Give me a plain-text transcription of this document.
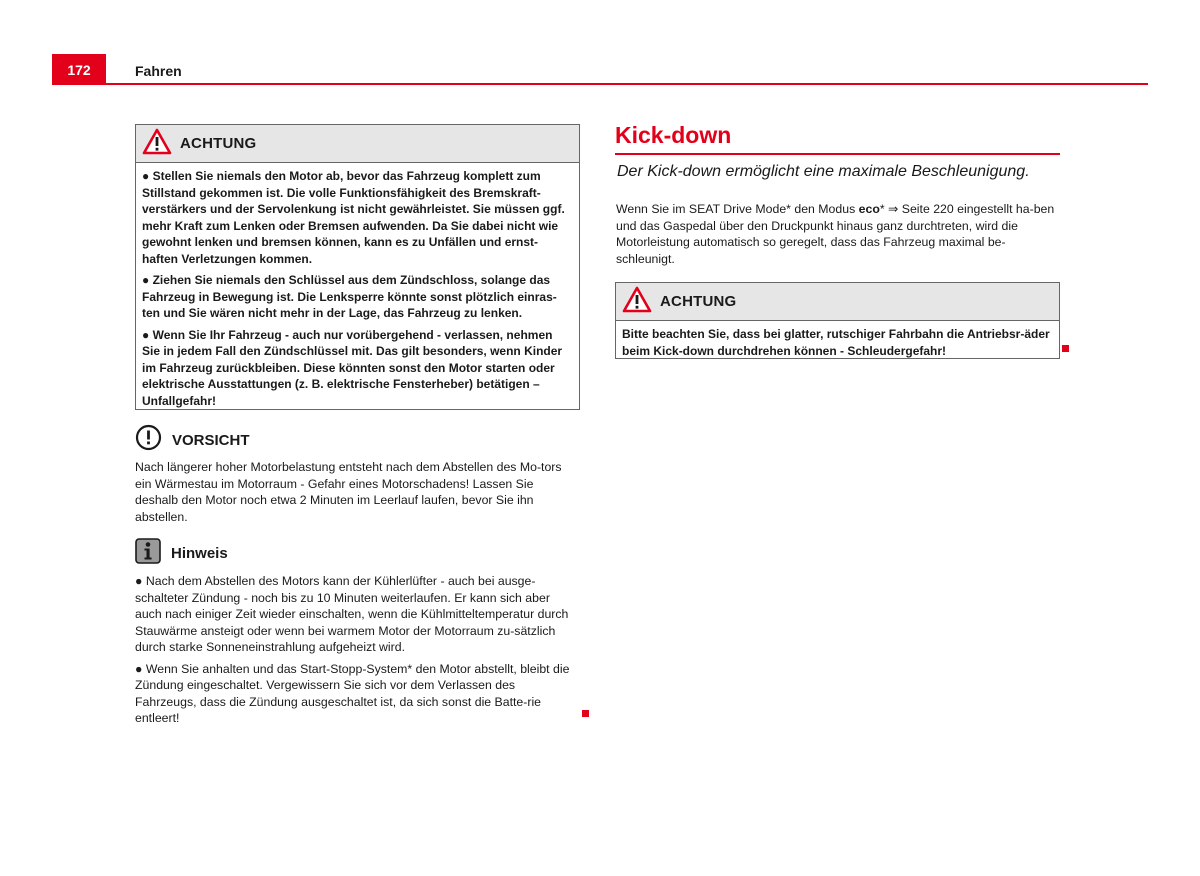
172	Fahren
ACHTUNG

● Stellen Sie niemals den Motor ab, bevor das Fahrzeug komplett zum Stillstand gekommen ist. Die volle Funktionsfähigkeit des Bremskraft-verstärkers und der Servolenkung ist nicht gewährleistet. Sie müssen ggf. mehr Kraft zum Lenken oder Bremsen aufwenden. Da Sie dabei nicht wie gewohnt lenken und bremsen können, kann es zu Unfällen und ernst-haften Verletzungen kommen.

● Ziehen Sie niemals den Schlüssel aus dem Zündschloss, solange das Fahrzeug in Bewegung ist. Die Lenksperre könnte sonst plötzlich einras-ten und Sie wären nicht mehr in der Lage, das Fahrzeug zu lenken.

● Wenn Sie Ihr Fahrzeug - auch nur vorübergehend - verlassen, nehmen Sie in jedem Fall den Zündschlüssel mit. Das gilt besonders, wenn Kinder im Fahrzeug zurückbleiben. Diese könnten sonst den Motor starten oder elektrische Ausstattungen (z. B. elektrische Fensterheber) betätigen – Unfallgefahr!

VORSICHT

Nach längerer hoher Motorbelastung entsteht nach dem Abstellen des Mo-tors ein Wärmestau im Motorraum - Gefahr eines Motorschadens! Lassen Sie deshalb den Motor noch etwa 2 Minuten im Leerlauf laufen, bevor Sie ihn abstellen.

Hinweis

● Nach dem Abstellen des Motors kann der Kühlerlüfter - auch bei ausge-schalteter Zündung - noch bis zu 10 Minuten weiterlaufen. Er kann sich aber auch nach einiger Zeit wieder einschalten, wenn die Kühlmitteltemperatur durch Stauwärme ansteigt oder wenn bei warmem Motor der Motorraum zu-sätzlich durch starke Sonneneinstrahlung aufgeheizt wird.

● Wenn Sie anhalten und das Start-Stopp-System* den Motor abstellt, bleibt die Zündung eingeschaltet. Vergewissern Sie sich vor dem Verlassen des Fahrzeugs, dass die Zündung ausgeschaltet ist, da sich sonst die Batte-rie entleert!

Kick-down
Der Kick-down ermöglicht eine maximale Beschleunigung.

Wenn Sie im SEAT Drive Mode* den Modus eco* ⇒ Seite 220 eingestellt ha-ben und das Gaspedal über den Druckpunkt hinaus ganz durchtreten, wird die Motorleistung automatisch so geregelt, dass das Fahrzeug maximal be-schleunigt.

ACHTUNG

Bitte beachten Sie, dass bei glatter, rutschiger Fahrbahn die Antriebsr-äder beim Kick-down durchdrehen können - Schleudergefahr!
